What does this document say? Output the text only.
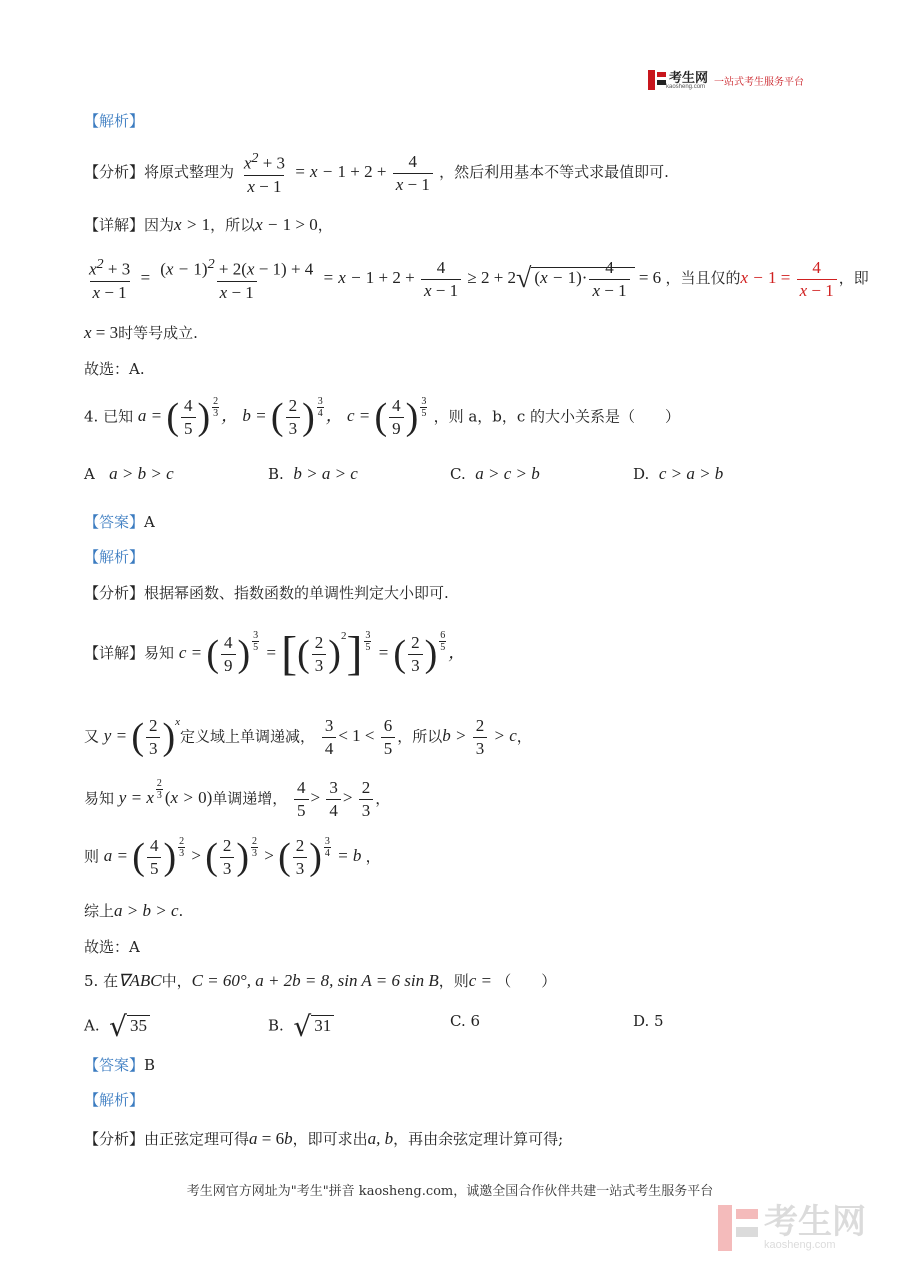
考生网
kaosheng.com 一站式考生服务平台
【解析】
【分析】将原式整理为 $\frac{x^2 + 3}{x - 1} = x - 1 + 2 + \frac{4}{x - 1}$ ，然后利用基本不等式求最值即可.
【详解】因为x > 1，所以x − 1 > 0，
$\frac{x^2 + 3}{x - 1} = \frac{(x - 1)^2 + 2(x - 1) + 4}{x - 1} = x - 1 + 2 + \frac{4}{x - 1} \ge 2 + 2√$ $(x - 1)\cdot \frac{4}{x - 1} = 6$ ，当且仅的$x - 1 = \frac{4}{x - 1}$ ，即
x = 3时等号成立.
故选：A.
4. 已知 a = ( $\frac{4}{5}$ ) $\frac{2}{3}$ ， b = ( $\frac{2}{3}$ ) $\frac{3}{4}$ ， c = ( $\frac{4}{9}$ ) $\frac{3}{5}$ ，则 a，b，c 的大小关系是（　　）
A a > b > c	B. b > a > c	C. a > c > b	D. c > a > b
【答案】A
【解析】
【分析】根据幂函数、指数函数的单调性判定大小即可.
【详解】易知 c = ( $\frac{4}{9}$ ) $\frac{3}{5}$ = [( $\frac{2}{3} )2] \frac{3}{5}$ = ( $\frac{2}{3}$ ) $\frac{6}{5}$ ，
又 y = ( $\frac{2}{3} )x$定义域上单调递减， $\frac{3}{4} < 1 < \frac{6}{5}$ ，所以$b > \frac{2}{3} > c$，
易知 y = x $\frac{2}{3} (x > 0)$单调递增， $\frac{4}{5} > \frac{3}{4} > \frac{2}{3}$ ，
则 a = ( $\frac{4}{5}$ ) $\frac{2}{3}$ > ( $\frac{2}{3}$ ) $\frac{2}{3}$ > ( $\frac{2}{3}$ ) $\frac{3}{4} = b$ ，
综上a > b > c.
故选：A
5. 在∇ABC中，C = 60°, a + 2b = 8, sin A = 6 sin B，则c = （　　）
A. √ 35	B. √ 31	C. 6	D. 5
【答案】B
【解析】
【分析】由正弦定理可得a = 6b，即可求出a, b，再由余弦定理计算可得;
考生网官方网址为"考生"拼音 kaosheng.com，诚邀全国合作伙伴共建一站式考生服务平台
考生网
kaosheng.com
